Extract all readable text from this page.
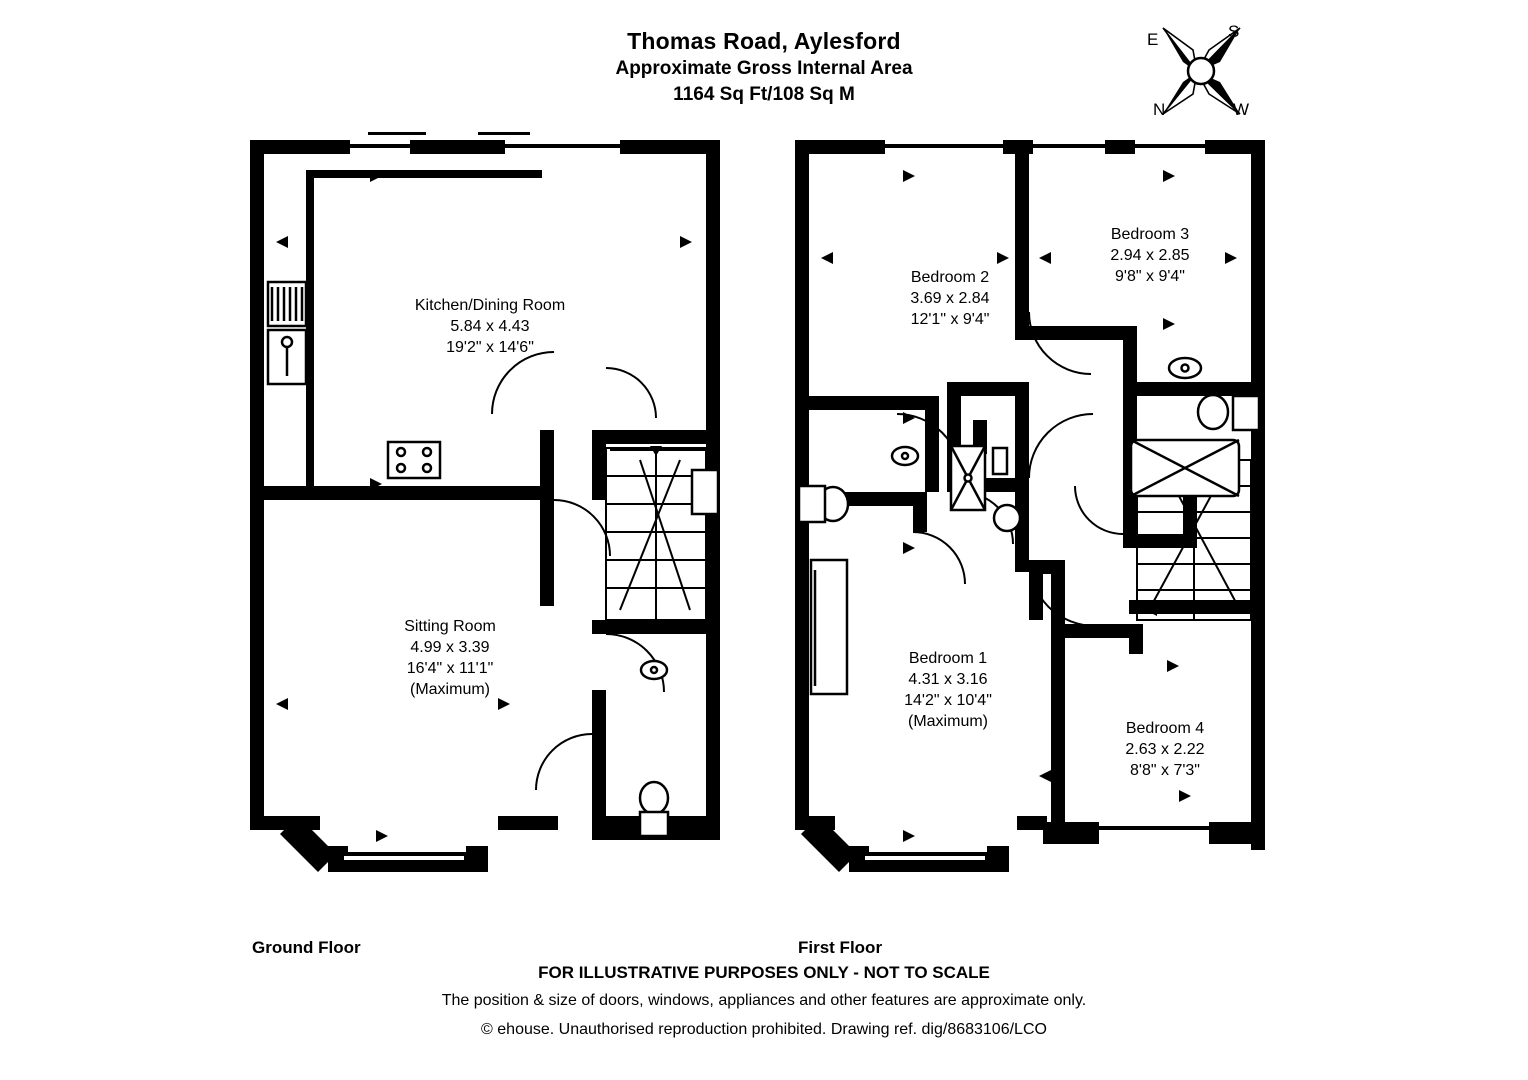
Thomas Road, Aylesford
Approximate Gross Internal Area
1164 Sq Ft/108 Sq M
E	S
N	W
Kitchen/Dining Room
5.84 x 4.43
19'2" x 14'6"
Sitting Room
4.99 x 3.39
16'4" x 11'1"
(Maximum)
Ground Floor
Bedroom 2
3.69 x 2.84
12'1" x 9'4"
Bedroom 3
2.94 x 2.85
9'8" x 9'4"
Bedroom 1
4.31 x 3.16
14'2" x 10'4"
(Maximum)	Bedroom 4
2.63 x 2.22
8'8" x 7'3"
First Floor
FOR ILLUSTRATIVE PURPOSES ONLY - NOT TO SCALE
The position & size of doors, windows, appliances and other features are approximate only.
© ehouse. Unauthorised reproduction prohibited. Drawing ref. dig/8683106/LCO
